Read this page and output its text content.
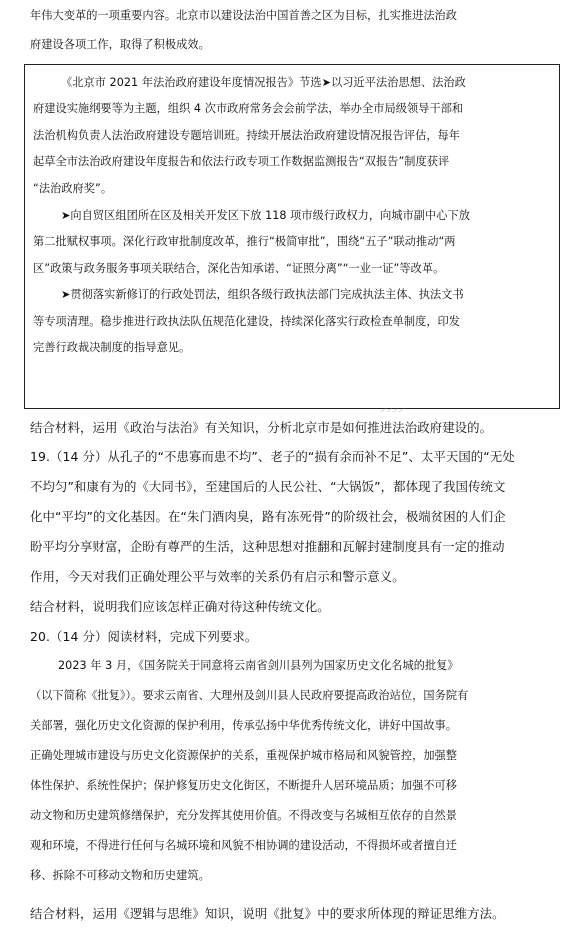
年伟大变革的一项重要内容。北京市以建设法治中国首善之区为目标，扎实推进法治政
府建设各项工作，取得了积极成效。
《北京市 2021 年法治政府建设年度情况报告》节选➤以习近平法治思想、法治政
府建设实施纲要等为主题，组织 4 次市政府常务会会前学法，举办全市局级领导干部和
法治机构负责人法治政府建设专题培训班。持续开展法治政府建设情况报告评估，每年
起草全市法治政府建设年度报告和依法行政专项工作数据监测报告“双报告”制度获评
“法治政府奖”。
➤向自贸区组团所在区及相关开发区下放 118 项市级行政权力，向城市副中心下放
第二批赋权事项。深化行政审批制度改革，推行“极简审批”，围绕“五子”联动推动“两
区”政策与政务服务事项关联结合，深化告知承诺、“证照分离”“一业一证”等改革。
➤贯彻落实新修订的行政处罚法，组织各级行政执法部门完成执法主体、执法文书
等专项清理。稳步推进行政执法队伍规范化建设，持续深化落实行政检查单制度，印发
完善行政裁决制度的指导意见。
结合材料，运用《政治与法治》有关知识，分析北京市是如何推进法治政府建设的。
19.（14 分）从孔子的“不患寡而患不均”、老子的“损有余而补不足”、太平天国的“无处
不均匀”和康有为的《大同书》，至建国后的人民公社、“大锅饭”，都体现了我国传统文
化中“平均”的文化基因。在“朱门酒肉臭，路有冻死骨”的阶级社会，极端贫困的人们企
盼平均分享财富，企盼有尊严的生活，这种思想对推翻和瓦解封建制度具有一定的推动
作用，今天对我们正确处理公平与效率的关系仍有启示和警示意义。
结合材料，说明我们应该怎样正确对待这种传统文化。
20.（14 分）阅读材料，完成下列要求。
2023 年 3 月，《国务院关于同意将云南省剑川县列为国家历史文化名城的批复》
（以下简称《批复》）。要求云南省、大理州及剑川县人民政府要提高政治站位，国务院有
关部署，强化历史文化资源的保护利用，传承弘扬中华优秀传统文化，讲好中国故事。
正确处理城市建设与历史文化资源保护的关系，重视保护城市格局和风貌管控，加强整
体性保护、系统性保护；保护修复历史文化街区，不断提升人居环境品质；加强不可移
动文物和历史建筑修缮保护，充分发挥其使用价值。不得改变与名城相互依存的自然景
观和环境，不得进行任何与名城环境和风貌不相协调的建设活动，不得损坏或者擅自迁
移、拆除不可移动文物和历史建筑。
结合材料，运用《逻辑与思维》知识，说明《批复》中的要求所体现的辩证思维方法。
